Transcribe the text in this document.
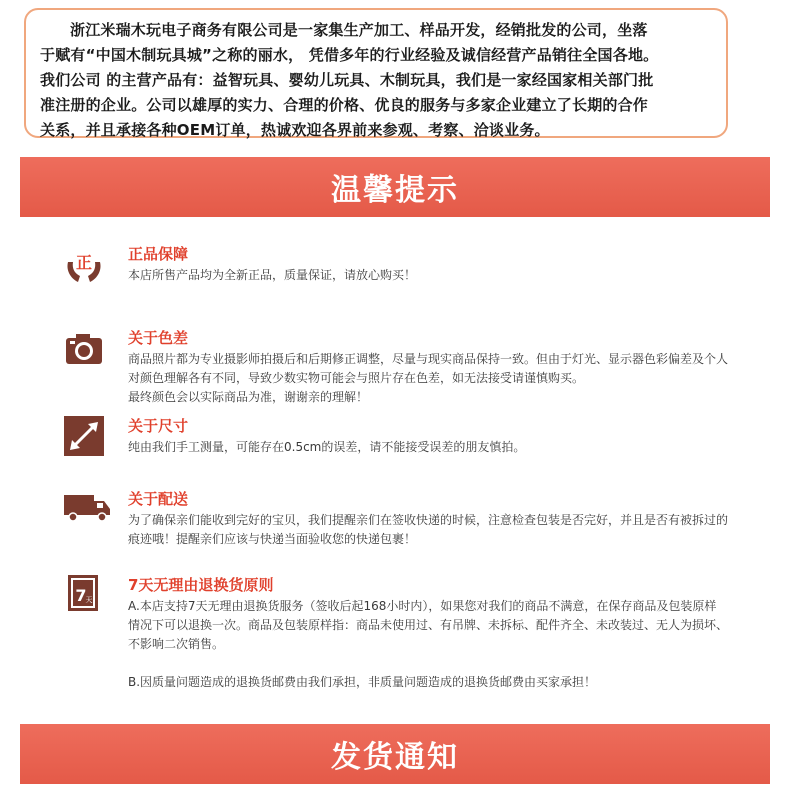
浙江米瑞木玩电子商务有限公司是一家集生产加工、样品开发，经销批发的公司，坐落
于赋有“中国木制玩具城”之称的丽水， 凭借多年的行业经验及诚信经营产品销往全国各地。
我们公司 的主营产品有：益智玩具、婴幼儿玩具、木制玩具，我们是一家经国家相关部门批
准注册的企业。公司以雄厚的实力、合理的价格、优良的服务与多家企业建立了长期的合作
关系，并且承接各种OEM订单，热诚欢迎各界前来参观、考察、洽谈业务。
温馨提示
正 正品保障
本店所售产品均为全新正品，质量保证，请放心购买！
关于色差
商品照片都为专业摄影师拍摄后和后期修正调整，尽量与现实商品保持一致。但由于灯光、显示器色彩偏差及个人
对颜色理解各有不同，导致少数实物可能会与照片存在色差，如无法接受请谨慎购买。
最终颜色会以实际商品为准，谢谢亲的理解！
关于尺寸
纯由我们手工测量，可能存在0.5cm的误差，请不能接受误差的朋友慎拍。
关于配送
为了确保亲们能收到完好的宝贝，我们提醒亲们在签收快递的时候，注意检查包装是否完好，并且是否有被拆过的
痕迹哦！提醒亲们应该与快递当面验收您的快递包裹！
7
天
7天无理由退换货原则
A.本店支持7天无理由退换货服务（签收后起168小时内），如果您对我们的商品不满意，在保存商品及包装原样
情况下可以退换一次。商品及包装原样指：商品未使用过、有吊牌、未拆标、配件齐全、未改装过、无人为损坏、
不影响二次销售。
B.因质量问题造成的退换货邮费由我们承担，非质量问题造成的退换货邮费由买家承担！
发货通知
